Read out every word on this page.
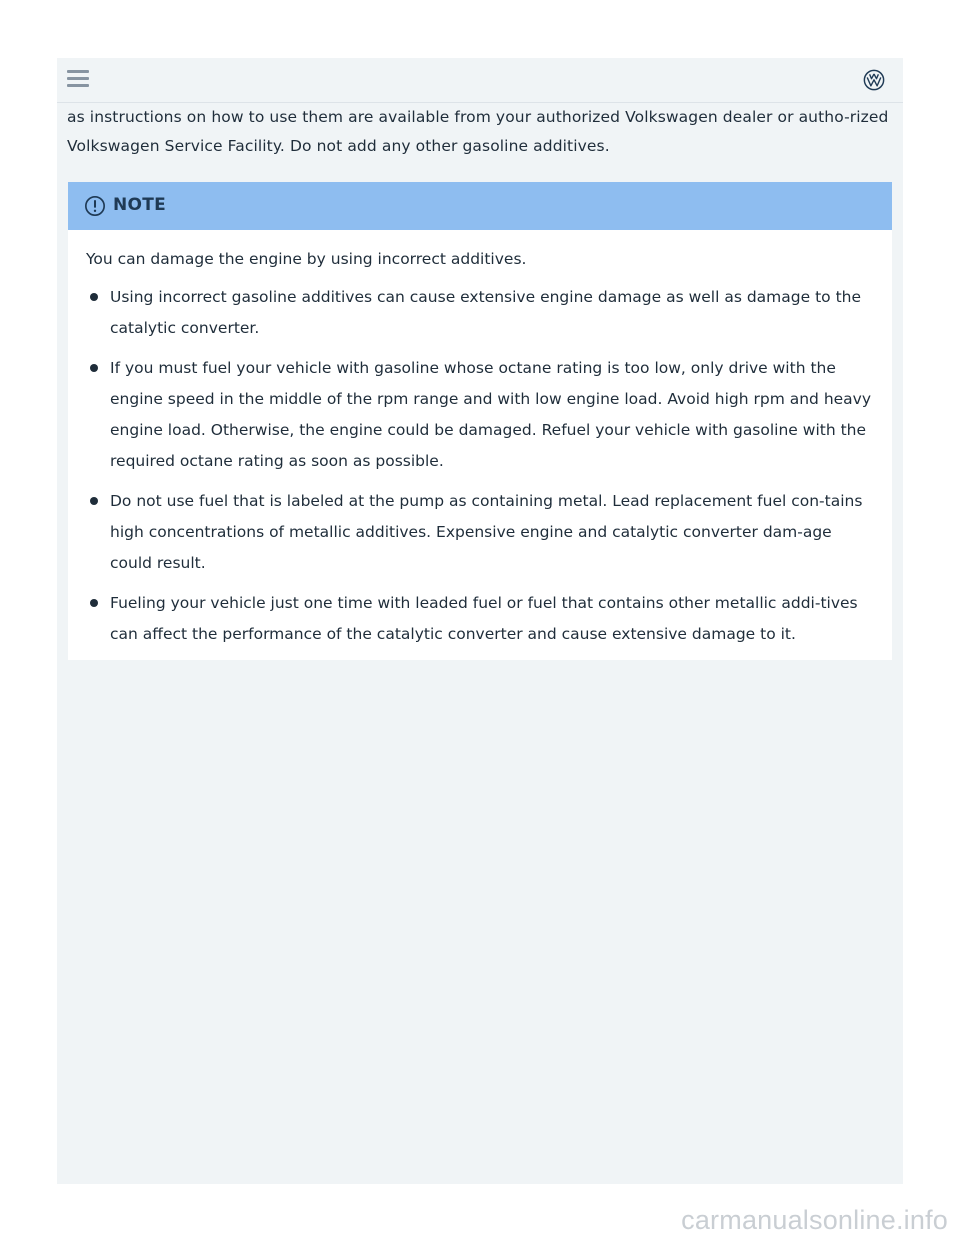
as instructions on how to use them are available from your authorized Volkswagen dealer or autho-rized Volkswagen Service Facility. Do not add any other gasoline additives.
NOTE

You can damage the engine by using incorrect additives.

Using incorrect gasoline additives can cause extensive engine damage as well as damage to the catalytic converter.
If you must fuel your vehicle with gasoline whose octane rating is too low, only drive with the engine speed in the middle of the rpm range and with low engine load. Avoid high rpm and heavy engine load. Otherwise, the engine could be damaged. Refuel your vehicle with gasoline with the required octane rating as soon as possible.
Do not use fuel that is labeled at the pump as containing metal. Lead replacement fuel con-tains high concentrations of metallic additives. Expensive engine and catalytic converter dam-age could result.
Fueling your vehicle just one time with leaded fuel or fuel that contains other metallic addi-tives can affect the performance of the catalytic converter and cause extensive damage to it.
carmanualsonline.info
